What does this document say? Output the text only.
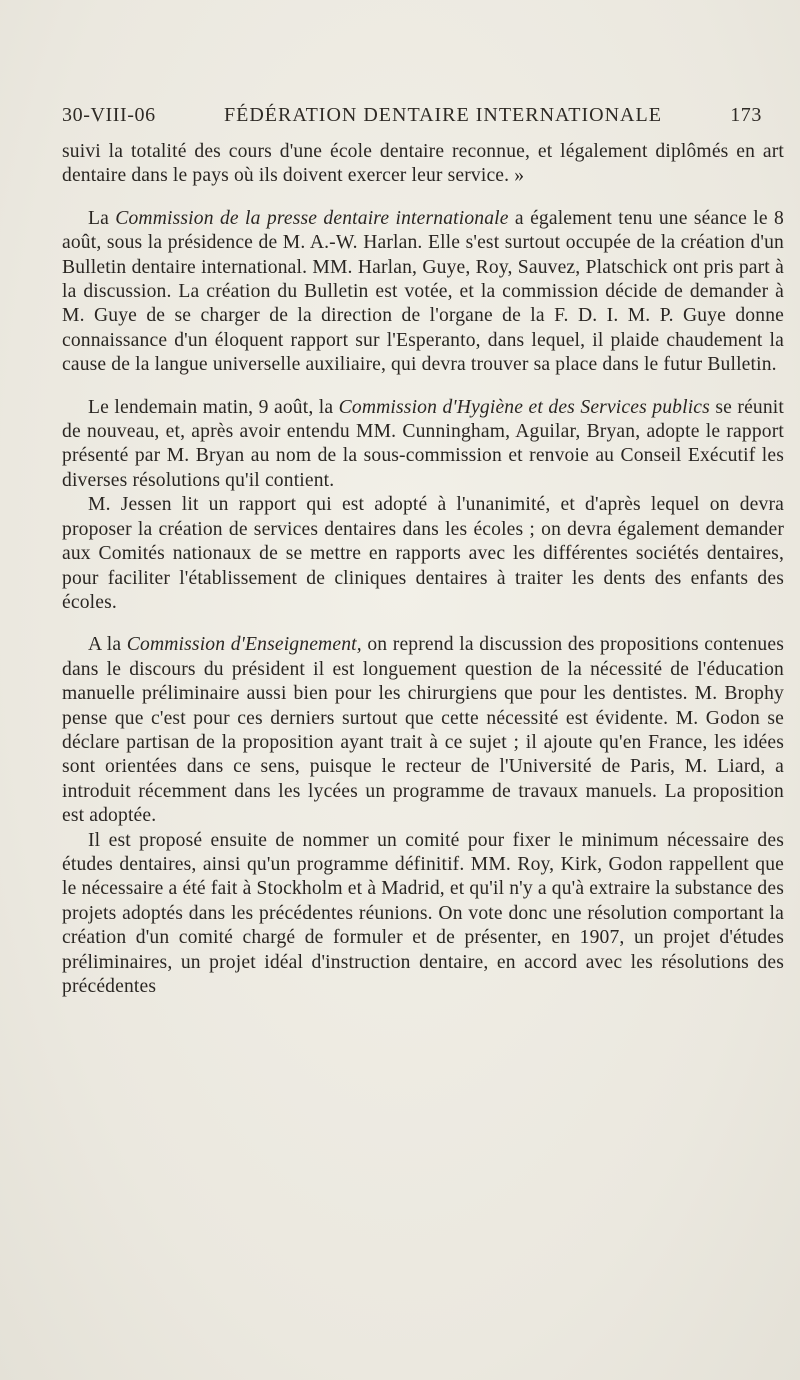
30-VIII-06	FÉDÉRATION DENTAIRE INTERNATIONALE	173

suivi la totalité des cours d'une école dentaire reconnue, et légalement diplômés en art dentaire dans le pays où ils doivent exercer leur service. »

La Commission de la presse dentaire internationale a également tenu une séance le 8 août, sous la présidence de M. A.-W. Harlan. Elle s'est surtout occupée de la création d'un Bulletin dentaire international. MM. Harlan, Guye, Roy, Sauvez, Platschick ont pris part à la discussion. La création du Bulletin est votée, et la commission décide de demander à M. Guye de se charger de la direction de l'organe de la F. D. I. M. P. Guye donne connaissance d'un éloquent rapport sur l'Esperanto, dans lequel, il plaide chaudement la cause de la langue universelle auxiliaire, qui devra trouver sa place dans le futur Bulletin.

Le lendemain matin, 9 août, la Commission d'Hygiène et des Services publics se réunit de nouveau, et, après avoir entendu MM. Cunningham, Aguilar, Bryan, adopte le rapport présenté par M. Bryan au nom de la sous-commission et renvoie au Conseil Exécutif les diverses résolutions qu'il contient.

M. Jessen lit un rapport qui est adopté à l'unanimité, et d'après lequel on devra proposer la création de services dentaires dans les écoles ; on devra également demander aux Comités nationaux de se mettre en rapports avec les différentes sociétés dentaires, pour faciliter l'établissement de cliniques dentaires à traiter les dents des enfants des écoles.

A la Commission d'Enseignement, on reprend la discussion des propositions contenues dans le discours du président il est longuement question de la nécessité de l'éducation manuelle préliminaire aussi bien pour les chirurgiens que pour les dentistes. M. Brophy pense que c'est pour ces derniers surtout que cette nécessité est évidente. M. Godon se déclare partisan de la proposition ayant trait à ce sujet ; il ajoute qu'en France, les idées sont orientées dans ce sens, puisque le recteur de l'Université de Paris, M. Liard, a introduit récemment dans les lycées un programme de travaux manuels. La proposition est adoptée.

Il est proposé ensuite de nommer un comité pour fixer le minimum nécessaire des études dentaires, ainsi qu'un programme définitif. MM. Roy, Kirk, Godon rappellent que le nécessaire a été fait à Stockholm et à Madrid, et qu'il n'y a qu'à extraire la substance des projets adoptés dans les précédentes réunions. On vote donc une résolution comportant la création d'un comité chargé de formuler et de présenter, en 1907, un projet d'études préliminaires, un projet idéal d'instruction dentaire, en accord avec les résolutions des précédentes
